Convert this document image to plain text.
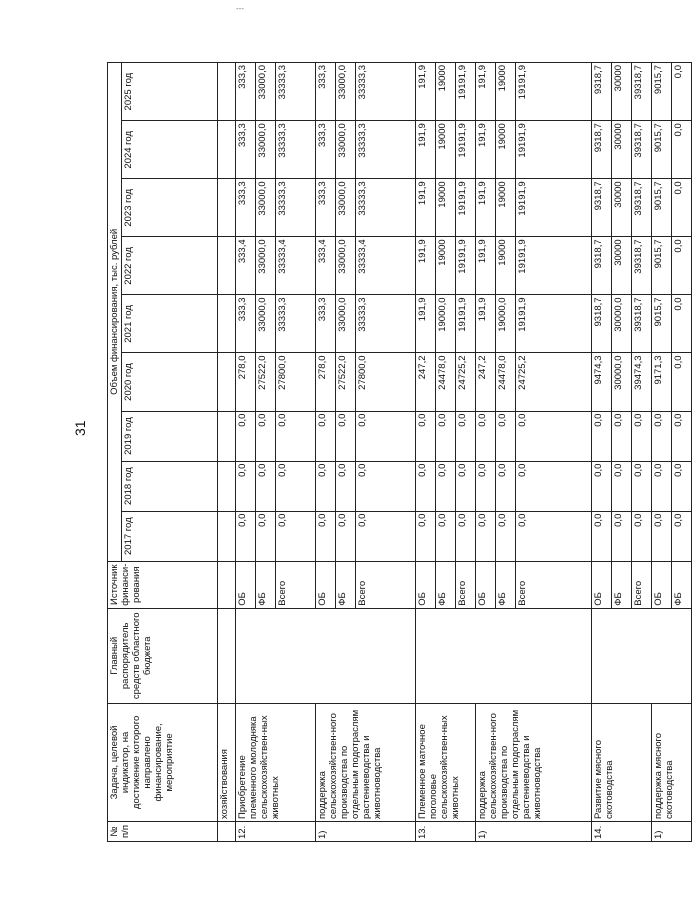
31
---
№ п/п	Задача, целевой индикатор, на достижение которого направлено финансирование, мероприятие	Главный распорядитель средств областного бюджета	Источник финанси-рования	Объем финансирования, тыс. рублей								
				2017 год	2018 год	2019 год	2020 год	2021 год	2022 год	2023 год	2024 год	2025 год
	хозяйствования											
12.	Приобретение племенного молодняка сельскохозяйствен-ных животных		ОБ	0,0	0,0	0,0	278,0	333,3	333,4	333,3	333,3	333,3
			ФБ	0,0	0,0	0,0	27522,0	33000,0	33000,0	33000,0	33000,0	33000,0
			Всего	0,0	0,0	0,0	27800,0	33333,3	33333,4	33333,3	33333,3	33333,3
1)	поддержка сельскохозяйствен-ного производства по отдельным подотраслям растениеводства и животноводства		ОБ	0,0	0,0	0,0	278,0	333,3	333,4	333,3	333,3	333,3
			ФБ	0,0	0,0	0,0	27522,0	33000,0	33000,0	33000,0	33000,0	33000,0
			Всего	0,0	0,0	0,0	27800,0	33333,3	33333,4	33333,3	33333,3	33333,3
13.	Племенное маточное поголовье сельскохозяйствен-ных животных		ОБ	0,0	0,0	0,0	247,2	191,9	191,9	191,9	191,9	191,9
			ФБ	0,0	0,0	0,0	24478,0	19000,0	19000	19000	19000	19000
			Всего	0,0	0,0	0,0	24725,2	19191,9	19191,9	19191,9	19191,9	19191,9
1)	поддержка сельскохозяйствен-ного производства по отдельным подотраслям растениеводства и животноводства		ОБ	0,0	0,0	0,0	247,2	191,9	191,9	191,9	191,9	191,9
			ФБ	0,0	0,0	0,0	24478,0	19000,0	19000	19000	19000	19000
			Всего	0,0	0,0	0,0	24725,2	19191,9	19191,9	19191,9	19191,9	19191,9
14.	Развитие мясного скотоводства		ОБ	0,0	0,0	0,0	9474,3	9318,7	9318,7	9318,7	9318,7	9318,7
			ФБ	0,0	0,0	0,0	30000,0	30000,0	30000	30000	30000	30000
			Всего	0,0	0,0	0,0	39474,3	39318,7	39318,7	39318,7	39318,7	39318,7
1)	поддержка мясного скотоводства		ОБ	0,0	0,0	0,0	9171,3	9015,7	9015,7	9015,7	9015,7	9015,7
			ФБ	0,0	0,0	0,0	0,0	0,0	0,0	0,0	0,0	0,0
